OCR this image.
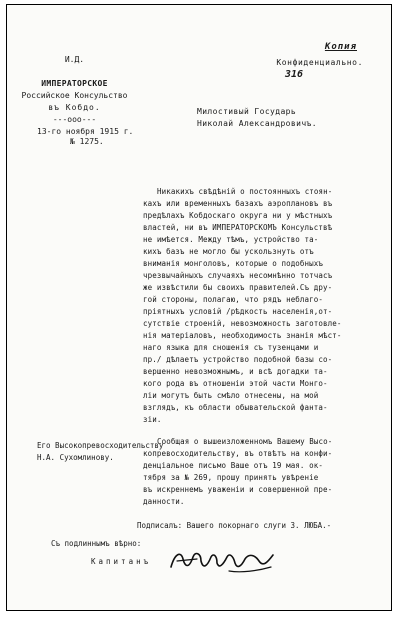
И.Д.
ИМПЕРАТОРСКОЕ
Российское Консульство
въ Кобдо.
---ооо---
13-го ноября 1915 г.
№ 1275.
Копия
Конфиденциально.
316
Милостивый Государь
Николай Александровичъ.
Никакихъ свѣдѣнiй о постоянныхъ стоян-
кахъ или временныхъ базахъ аэроплановъ въ
предѣлахъ Кобдоскаго округа ни у мѣстныхъ
властей, ни въ ИМПЕРАТОРСКОМЪ Консульствѣ
не имѣется. Между тѣмъ, устройство та-
кихъ базъ не могло бы ускользнуть отъ
вниманiя монголовъ, которые о подобныхъ
чрезвычайныхъ случаяхъ несомнѣнно тотчасъ
же извѣстили бы своихъ правителей.Съ дру-
гой стороны, полагаю, что рядъ неблаго-
прiятныхъ условiй /рѣдкость населенiя,от-
сутствiе строенiй, невозможность заготовле-
нiя матерiаловъ, необходимость знанiя мѣст-
наго языка для сношенiя съ тузенцами и
пр./ дѣлаетъ устройство подобной базы со-
вершенно невозможнымъ, и всѣ догадки та-
кого рода въ отношенiи этой части Монго-
лiи могутъ быть смѣло отнесены, на мой
взглядъ, къ области обывательской фанта-
зiи.
Сообщая о вышеизложенномъ Вашему Высо-
копревосходительству, въ отвѣтъ на конфи-
денцiальное письмо Ваше отъ 19 мая. ок-
тября за № 269, прошу принять увѣренiе
въ искреннемъ уваженiи и совершенной пре-
данности.
Его Высокопревосходительству
Н.А. Сухомлинову.
Подписалъ: Вашего покорнаго слуги З. ЛЮБА.-
Съ подлиннымъ вѣрно:
Капитанъ
